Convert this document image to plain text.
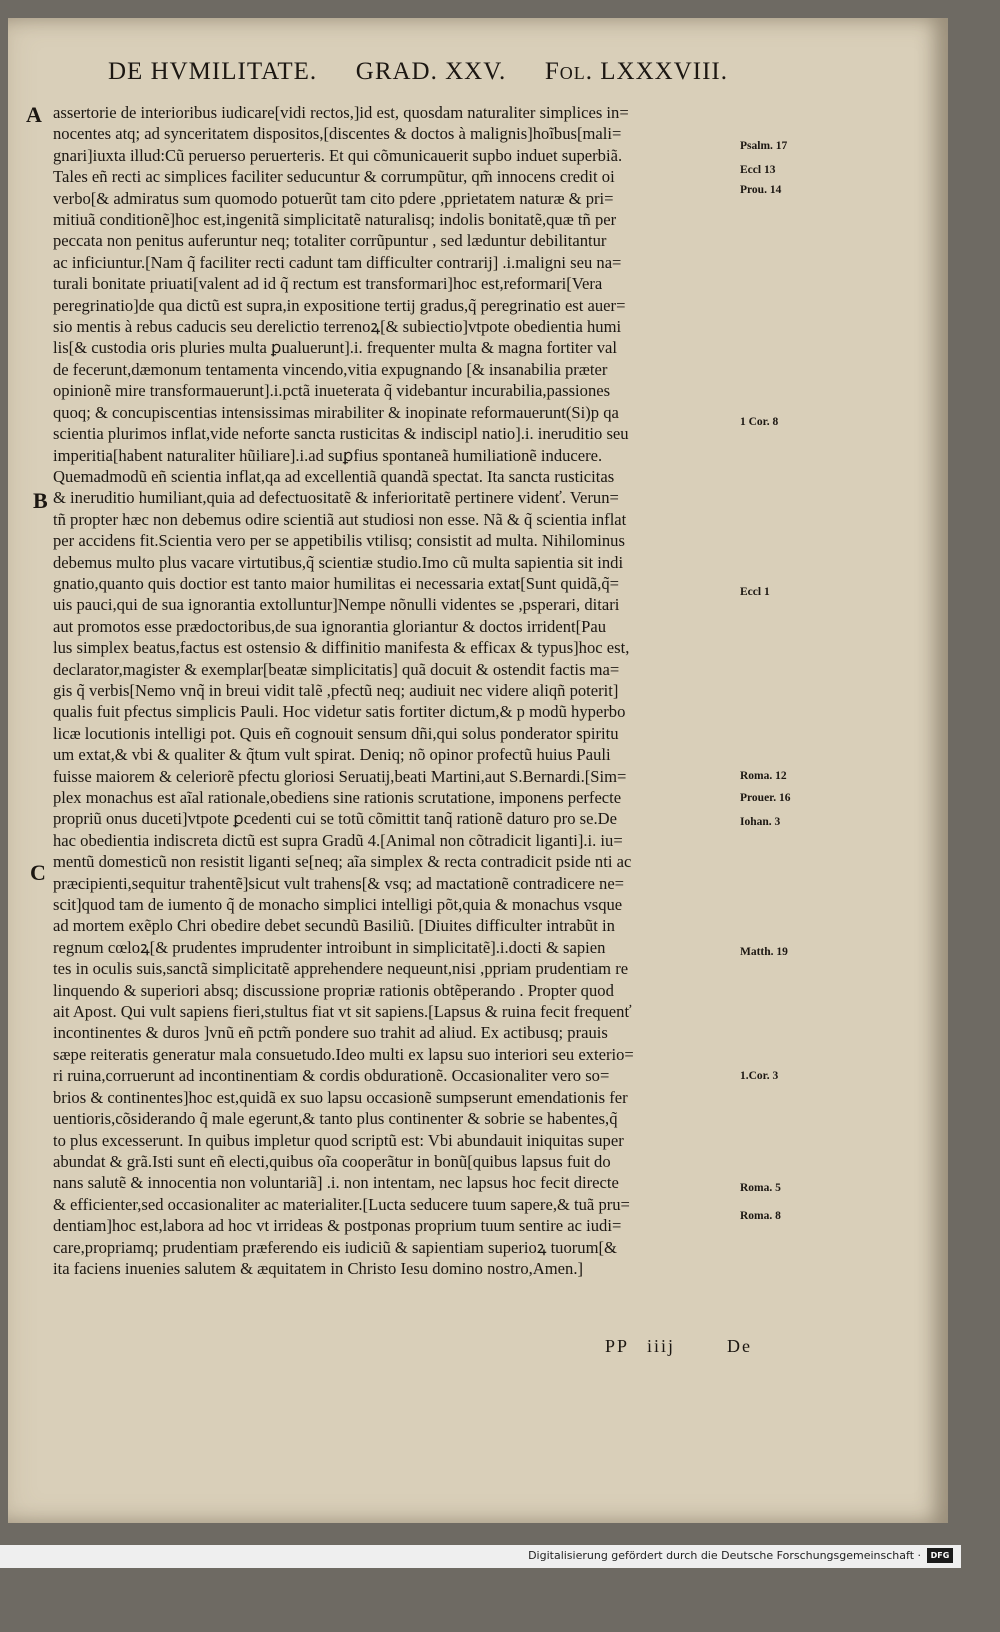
DE HVMILITATE. GRAD. XXV. Fol. LXXXVIII.
A
B
C
assertorie de interioribus iudicare[vidi rectos,]id est, quosdam naturaliter simplices in=
nocentes atq; ad synceritatem dispositos,[discentes & doctos à malignis]hoĩbus[mali=
gnari]iuxta illud:Cũ peruerso peruerteris. Et qui cõmunicauerit supbo induet superbiã.
Tales eñ recti ac simplices faciliter seducuntur & corrumpũtur, qm̃ innocens credit oi
verbo[& admiratus sum quomodo potuerũt tam cito pdere ,pprietatem naturæ & pri=
mitiuã conditionẽ]hoc est,ingenitã simplicitatẽ naturalisq; indolis bonitatẽ,quæ tñ per
peccata non penitus auferuntur neq; totaliter corrũpuntur , sed læduntur debilitantur
ac inficiuntur.[Nam q̃ faciliter recti cadunt tam difficulter contrarij] .i.maligni seu na=
turali bonitate priuati[valent ad id q̃ rectum est transformari]hoc est,reformari[Vera
peregrinatio]de qua dictũ est supra,in expositione tertij gradus,q̃ peregrinatio est auer=
sio mentis à rebus caducis seu derelictio terrenoꝝ[& subiectio]vtpote obedientia humi
lis[& custodia oris pluries multa ꝑualuerunt].i. frequenter multa & magna fortiter val
de fecerunt,dæmonum tentamenta vincendo,vitia expugnando [& insanabilia præter
opinionẽ mire transformauerunt].i.pctã inueterata q̃ videbantur incurabilia,passiones
quoq; & concupiscentias intensissimas mirabiliter & inopinate reformauerunt(Si)p qa
scientia plurimos inflat,vide neforte sancta rusticitas & indiscipl natio].i. ineruditio seu
imperitia[habent naturaliter hũiliare].i.ad suꝑfius spontaneã humiliationẽ inducere.
Quemadmodũ eñ scientia inflat,qa ad excellentiã quandã spectat. Ita sancta rusticitas
& ineruditio humiliant,quia ad defectuositatẽ & inferioritatẽ pertinere videnť. Verun=
tñ propter hæc non debemus odire scientiã aut studiosi non esse. Nã & q̃ scientia inflat
per accidens fit.Scientia vero per se appetibilis vtilisq; consistit ad multa. Nihilominus
debemus multo plus vacare virtutibus,q̃ scientiæ studio.Imo cũ multa sapientia sit indi
gnatio,quanto quis doctior est tanto maior humilitas ei necessaria extat[Sunt quidã,q̃=
uis pauci,qui de sua ignorantia extolluntur]Nempe nõnulli videntes se ,psperari, ditari
aut promotos esse prædoctoribus,de sua ignorantia gloriantur & doctos irrident[Pau
lus simplex beatus,factus est ostensio & diffinitio manifesta & efficax & typus]hoc est,
declarator,magister & exemplar[beatæ simplicitatis] quã docuit & ostendit factis ma=
gis q̃ verbis[Nemo vnq̃ in breui vidit talẽ ,pfectũ neq; audiuit nec videre aliqñ poterit]
qualis fuit pfectus simplicis Pauli. Hoc videtur satis fortiter dictum,& p modũ hyperbo
licæ locutionis intelligi pot. Quis eñ cognouit sensum dñi,qui solus ponderator spiritu
um extat,& vbi & qualiter & q̃tum vult spirat. Deniq; nõ opinor profectũ huius Pauli
fuisse maiorem & celeriorẽ pfectu gloriosi Seruatij,beati Martini,aut S.Bernardi.[Sim=
plex monachus est aĩal rationale,obediens sine rationis scrutatione, imponens perfecte
propriũ onus duceti]vtpote ꝑcedenti cui se totũ cõmittit tanq̃ rationẽ daturo pro se.De
hac obedientia indiscreta dictũ est supra Gradũ 4.[Animal non cõtradicit liganti].i. iu=
mentũ domesticũ non resistit liganti se[neq; aĩa simplex & recta contradicit pside nti ac
præcipienti,sequitur trahentẽ]sicut vult trahens[& vsq; ad mactationẽ contradicere ne=
scit]quod tam de iumento q̃ de monacho simplici intelligi põt,quia & monachus vsque
ad mortem exẽplo Chri obedire debet secundũ Basiliũ. [Diuites difficulter intrabũt in
regnum cœloꝝ[& prudentes imprudenter introibunt in simplicitatẽ].i.docti & sapien
tes in oculis suis,sanctã simplicitatẽ apprehendere nequeunt,nisi ,ppriam prudentiam re
linquendo & superiori absq; discussione propriæ rationis obtẽperando . Propter quod
ait Apost. Qui vult sapiens fieri,stultus fiat vt sit sapiens.[Lapsus & ruina fecit frequenť
incontinentes & duros ]vnũ eñ pctm̃ pondere suo trahit ad aliud. Ex actibusq; prauis
sæpe reiteratis generatur mala consuetudo.Ideo multi ex lapsu suo interiori seu exterio=
ri ruina,corruerunt ad incontinentiam & cordis obdurationẽ. Occasionaliter vero so=
brios & continentes]hoc est,quidã ex suo lapsu occasionẽ sumpserunt emendationis fer
uentioris,cõsiderando q̃ male egerunt,& tanto plus continenter & sobrie se habentes,q̃
to plus excesserunt. In quibus impletur quod scriptũ est: Vbi abundauit iniquitas super
abundat & grã.Isti sunt eñ electi,quibus oĩa cooperãtur in bonũ[quibus lapsus fuit do
nans salutẽ & innocentia non voluntariã] .i. non intentam, nec lapsus hoc fecit directe
& efficienter,sed occasionaliter ac materialiter.[Lucta seducere tuum sapere,& tuã pru=
dentiam]hoc est,labora ad hoc vt irrideas & postponas proprium tuum sentire ac iudi=
care,propriamq; prudentiam præferendo eis iudiciũ & sapientiam superioꝝ tuorum[&
ita faciens inuenies salutem & æquitatem in Christo Iesu domino nostro,Amen.]
Psalm. 17
Eccl 13
Prou. 14
1 Cor. 8
Eccl 1
Roma. 12
Prouer. 16
Iohan. 3
Matth. 19
1.Cor. 3
Roma. 5
Roma. 8
PP iiij	De
Digitalisierung gefördert durch die Deutsche Forschungsgemeinschaft ·	DFG
